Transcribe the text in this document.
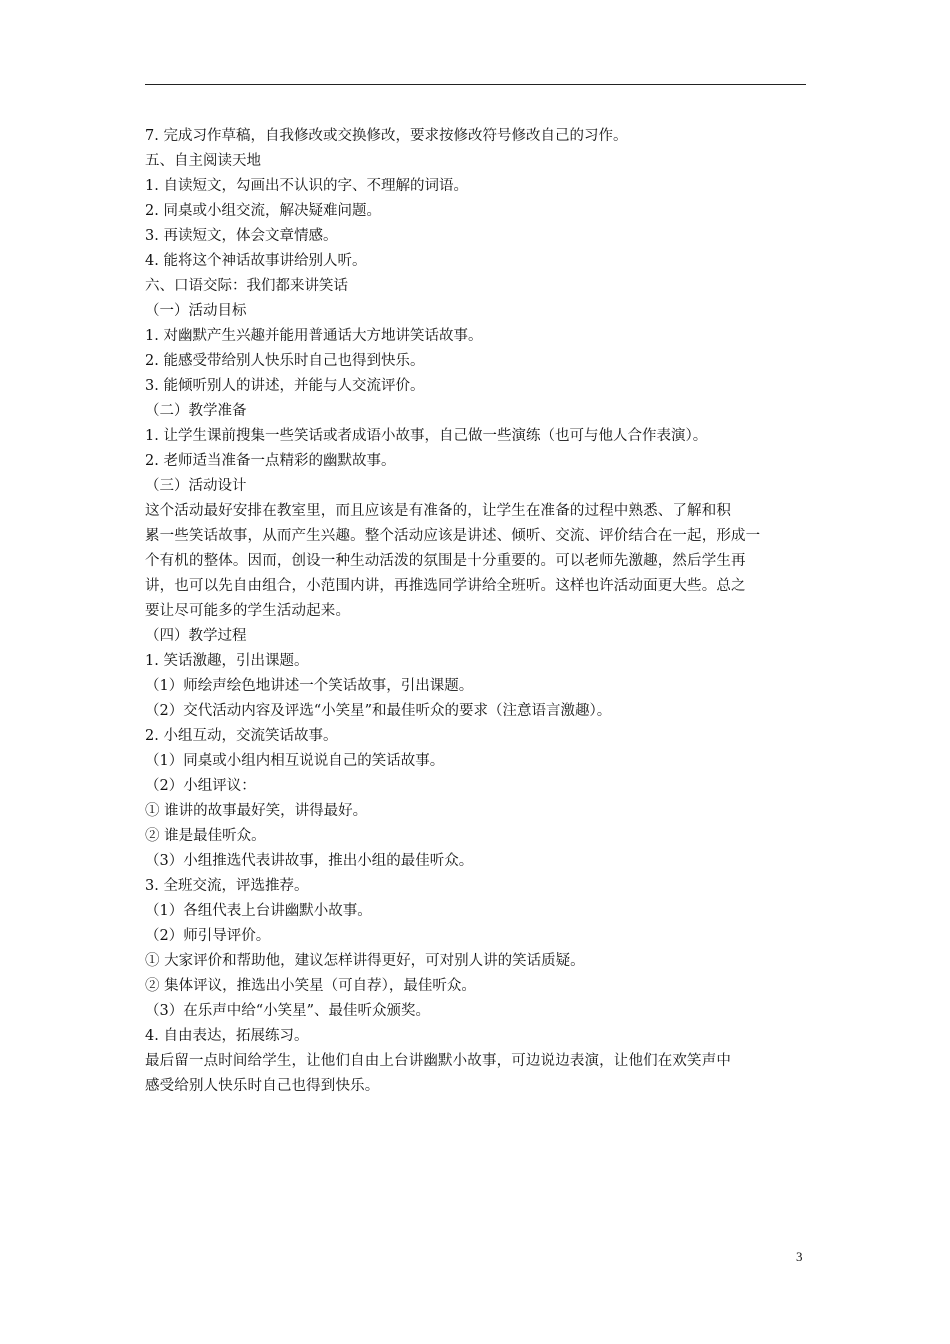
7. 完成习作草稿，自我修改或交换修改，要求按修改符号修改自己的习作。
五、自主阅读天地
1. 自读短文，勾画出不认识的字、不理解的词语。
2. 同桌或小组交流，解决疑难问题。
3. 再读短文，体会文章情感。
4. 能将这个神话故事讲给别人听。
六、口语交际：我们都来讲笑话
（一）活动目标
1. 对幽默产生兴趣并能用普通话大方地讲笑话故事。
2. 能感受带给别人快乐时自己也得到快乐。
3. 能倾听别人的讲述，并能与人交流评价。
（二）教学准备
1. 让学生课前搜集一些笑话或者成语小故事，自己做一些演练（也可与他人合作表演）。
2. 老师适当准备一点精彩的幽默故事。
（三）活动设计
这个活动最好安排在教室里，而且应该是有准备的，让学生在准备的过程中熟悉、了解和积
累一些笑话故事，从而产生兴趣。整个活动应该是讲述、倾听、交流、评价结合在一起，形成一
个有机的整体。因而，创设一种生动活泼的氛围是十分重要的。可以老师先激趣，然后学生再
讲，也可以先自由组合，小范围内讲，再推选同学讲给全班听。这样也许活动面更大些。总之
要让尽可能多的学生活动起来。
（四）教学过程
1. 笑话激趣，引出课题。
（1）师绘声绘色地讲述一个笑话故事，引出课题。
（2）交代活动内容及评选“小笑星”和最佳听众的要求（注意语言激趣）。
2. 小组互动，交流笑话故事。
（1）同桌或小组内相互说说自己的笑话故事。
（2）小组评议：
① 谁讲的故事最好笑，讲得最好。
② 谁是最佳听众。
（3）小组推选代表讲故事，推出小组的最佳听众。
3. 全班交流，评选推荐。
（1）各组代表上台讲幽默小故事。
（2）师引导评价。
① 大家评价和帮助他，建议怎样讲得更好，可对别人讲的笑话质疑。
② 集体评议，推选出小笑星（可自荐），最佳听众。
（3）在乐声中给“小笑星”、最佳听众颁奖。
4. 自由表达，拓展练习。
最后留一点时间给学生，让他们自由上台讲幽默小故事，可边说边表演，让他们在欢笑声中
感受给别人快乐时自己也得到快乐。
3
